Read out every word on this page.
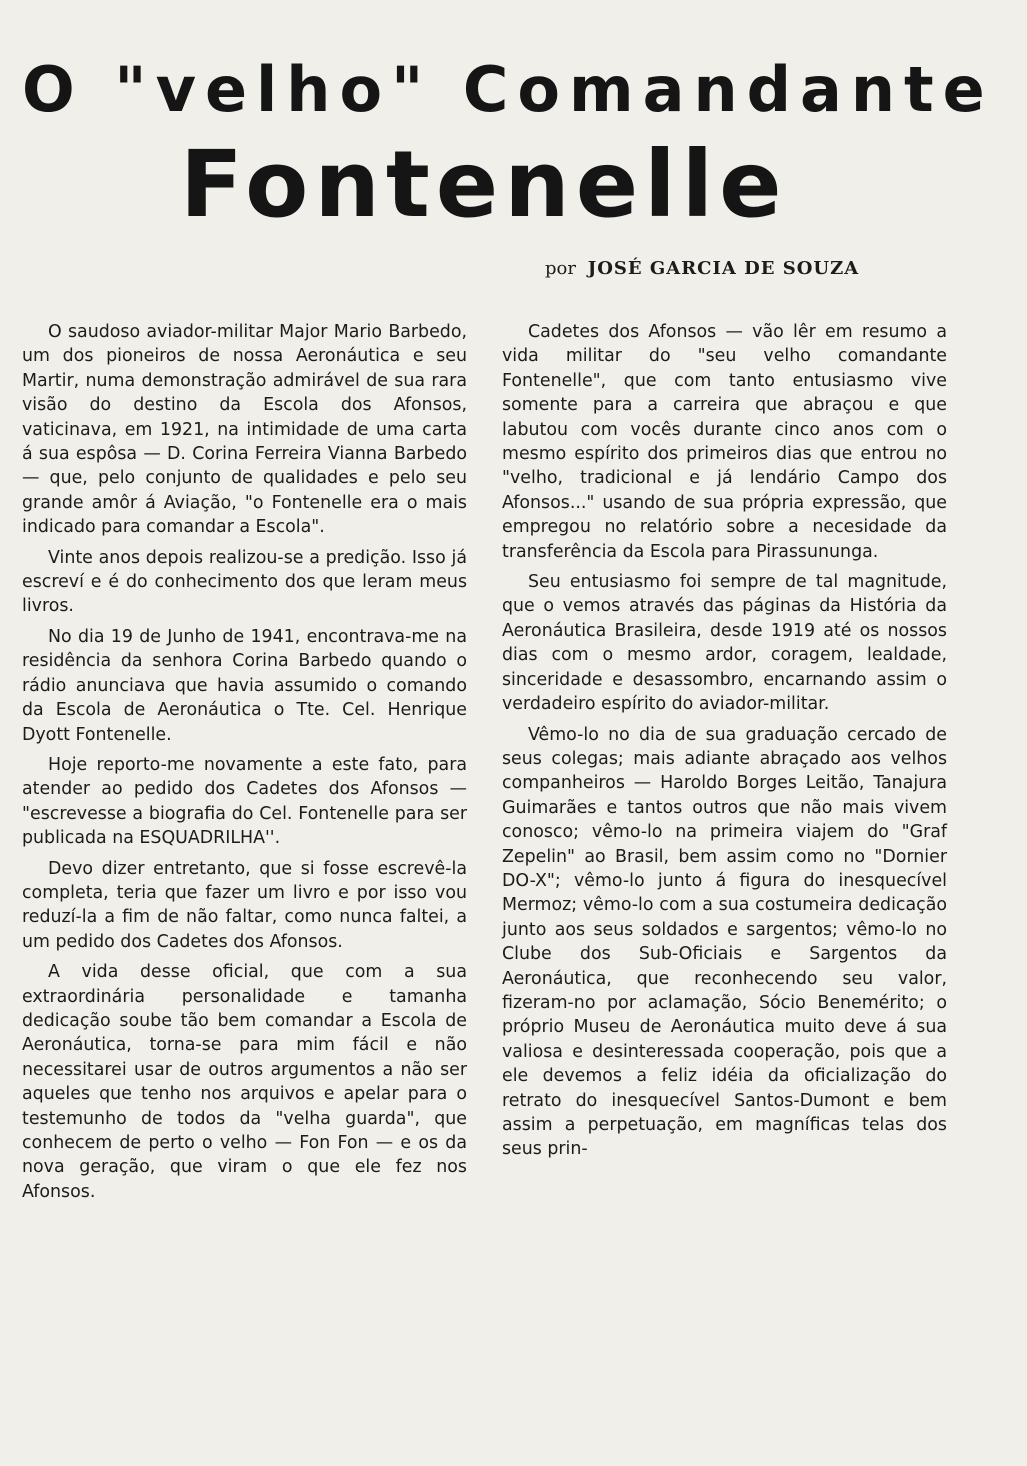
O "velho" Comandante
Fontenelle
por JOSÉ GARCIA DE SOUZA

O saudoso aviador-militar Major Mario Barbedo, um dos pioneiros de nossa Aeronáutica e seu Martir, numa demonstração admirável de sua rara visão do destino da Escola dos Afonsos, vaticinava, em 1921, na intimidade de uma carta á sua espôsa — D. Corina Ferreira Vianna Barbedo — que, pelo conjunto de qualidades e pelo seu grande amôr á Aviação, "o Fontenelle era o mais indicado para comandar a Escola".

Vinte anos depois realizou-se a predição. Isso já escreví e é do conhecimento dos que leram meus livros.

No dia 19 de Junho de 1941, encontrava-me na residência da senhora Corina Barbedo quando o rádio anunciava que havia assumido o comando da Escola de Aeronáutica o Tte. Cel. Henrique Dyott Fontenelle.

Hoje reporto-me novamente a este fato, para atender ao pedido dos Cadetes dos Afonsos — "escrevesse a biografia do Cel. Fontenelle para ser publicada na ESQUADRILHA''.

Devo dizer entretanto, que si fosse escrevê-la completa, teria que fazer um livro e por isso vou reduzí-la a fim de não faltar, como nunca faltei, a um pedido dos Cadetes dos Afonsos.

A vida desse oficial, que com a sua extraordinária personalidade e tamanha dedicação soube tão bem comandar a Escola de Aeronáutica, torna-se para mim fácil e não necessitarei usar de outros argumentos a não ser aqueles que tenho nos arquivos e apelar para o testemunho de todos da "velha guarda", que conhecem de perto o velho — Fon Fon — e os da nova geração, que viram o que ele fez nos Afonsos.

Cadetes dos Afonsos — vão lêr em resumo a vida militar do "seu velho comandante Fontenelle", que com tanto entusiasmo vive somente para a carreira que abraçou e que labutou com vocês durante cinco anos com o mesmo espírito dos primeiros dias que entrou no "velho, tradicional e já lendário Campo dos Afonsos..." usando de sua própria expressão, que empregou no relatório sobre a necesidade da transferência da Escola para Pirassununga.

Seu entusiasmo foi sempre de tal magnitude, que o vemos através das páginas da História da Aeronáutica Brasileira, desde 1919 até os nossos dias com o mesmo ardor, coragem, lealdade, sinceridade e desassombro, encarnando assim o verdadeiro espírito do aviador-militar.

Vêmo-lo no dia de sua graduação cercado de seus colegas; mais adiante abraçado aos velhos companheiros — Haroldo Borges Leitão, Tanajura Guimarães e tantos outros que não mais vivem conosco; vêmo-lo na primeira viajem do "Graf Zepelin" ao Brasil, bem assim como no "Dornier DO-X"; vêmo-lo junto á figura do inesquecível Mermoz; vêmo-lo com a sua costumeira dedicação junto aos seus soldados e sargentos; vêmo-lo no Clube dos Sub-Oficiais e Sargentos da Aeronáutica, que reconhecendo seu valor, fizeram-no por aclamação, Sócio Benemérito; o próprio Museu de Aeronáutica muito deve á sua valiosa e desinteressada cooperação, pois que a ele devemos a feliz idéia da oficialização do retrato do inesquecível Santos-Dumont e bem assim a perpetuação, em magníficas telas dos seus prin-
